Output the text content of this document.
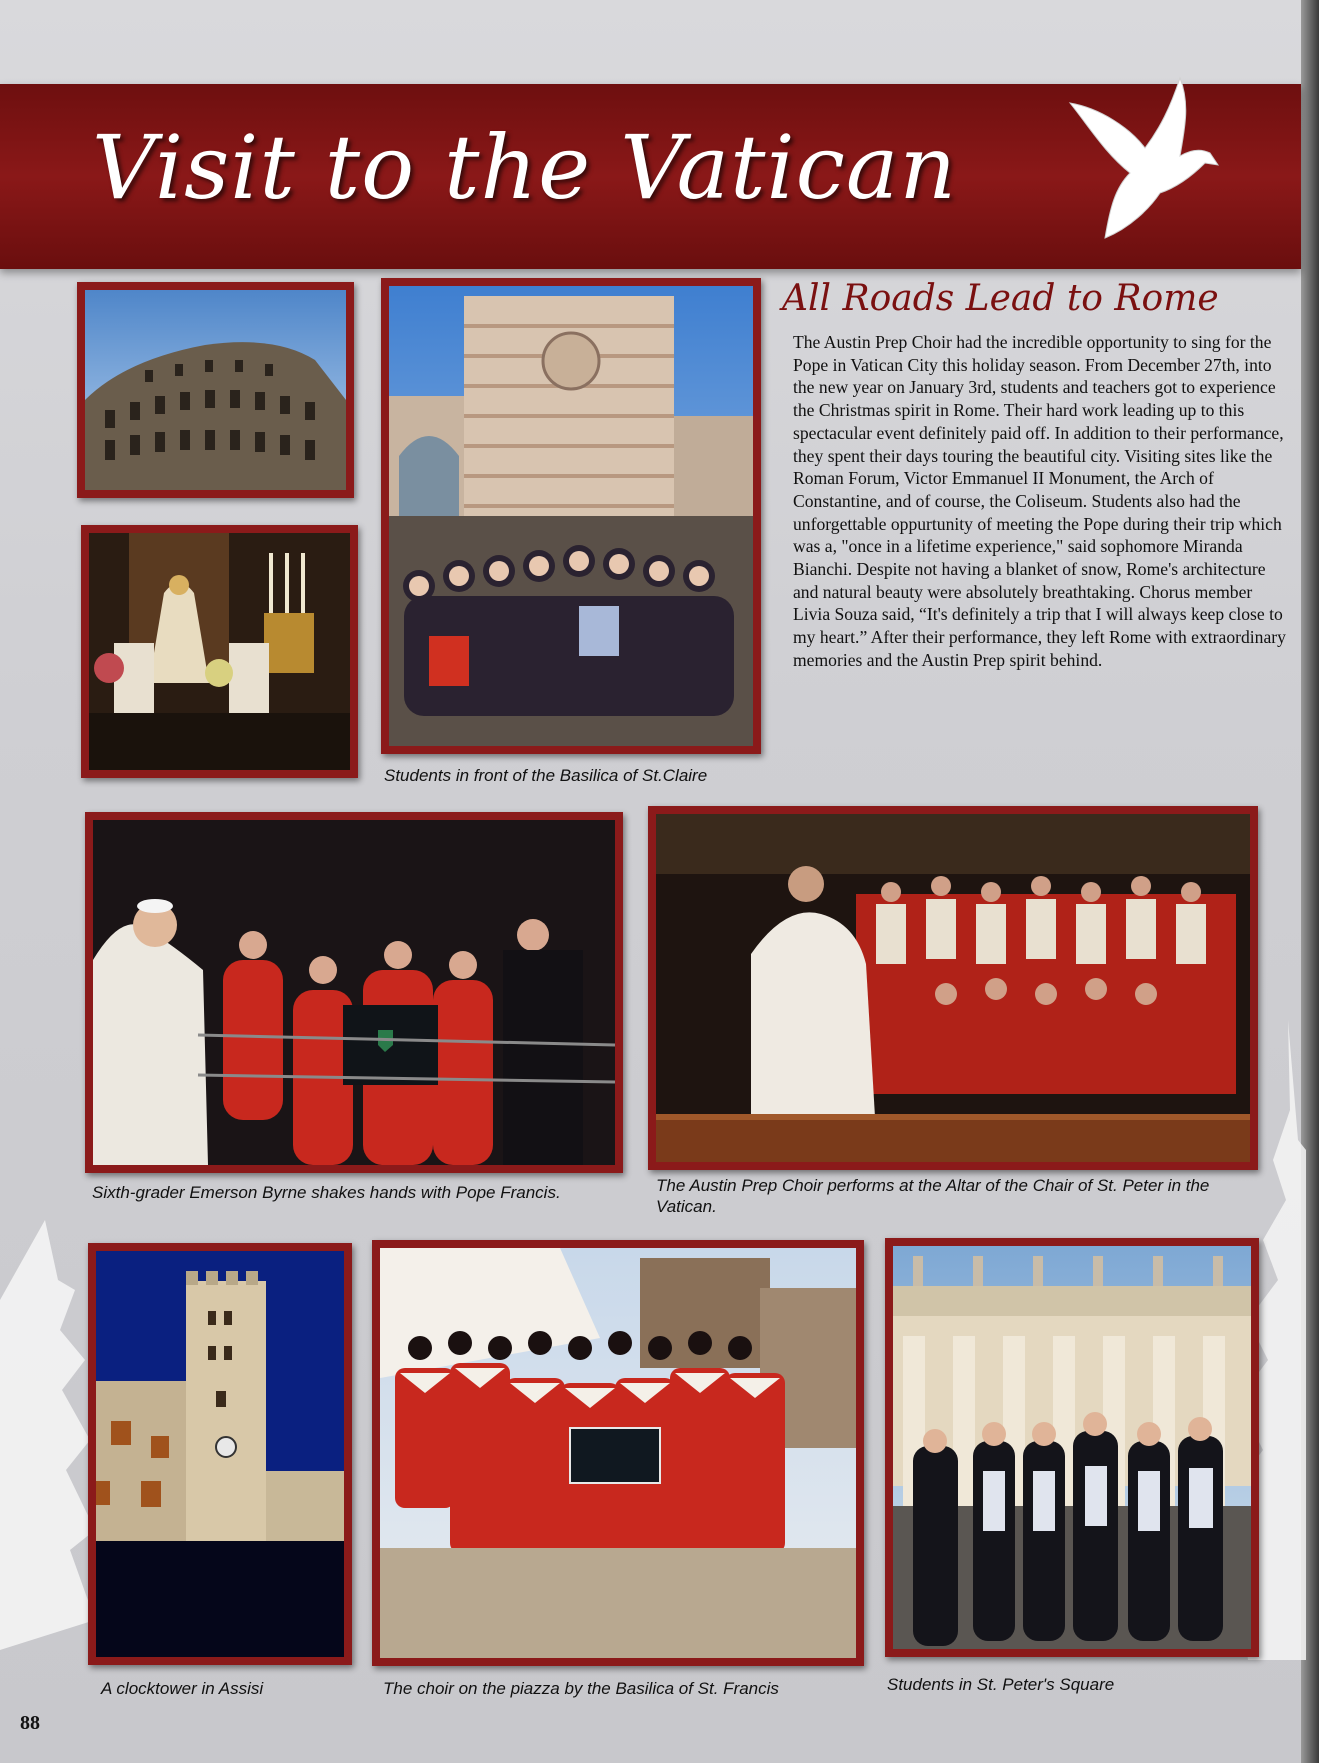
Visit to the Vatican
All Roads Lead to Rome

The Austin Prep Choir had the incredible opportunity to sing for the Pope in Vatican City this holiday season. From December 27th, into the new year on January 3rd, students and teachers got to experience the Christmas spirit in Rome. Their hard work leading up to this spectacular event definitely paid off. In addition to their performance, they spent their days touring the beautiful city. Visiting sites like the Roman Forum, Victor Emmanuel II Monument, the Arch of Constantine, and of course, the Coliseum. Students also had the unforgettable oppurtunity of meeting the Pope during their trip which was a, "once in a lifetime experience," said sophomore Miranda Bianchi. Despite not having a blanket of snow, Rome's architecture and natural beauty were absolutely breathtaking. Chorus member Livia Souza said, “It's definitely a trip that I will always keep close to my heart.” After their performance, they left Rome with extraordinary memories and the Austin Prep spirit behind.

Students in front of the Basilica of St.Claire
Sixth-grader Emerson Byrne shakes hands with Pope Francis.	The Austin Prep Choir performs at the Altar of the Chair of St. Peter in the Vatican.
A clocktower in Assisi	The choir on the piazza by the Basilica of St. Francis	Students in St. Peter's Square
88
